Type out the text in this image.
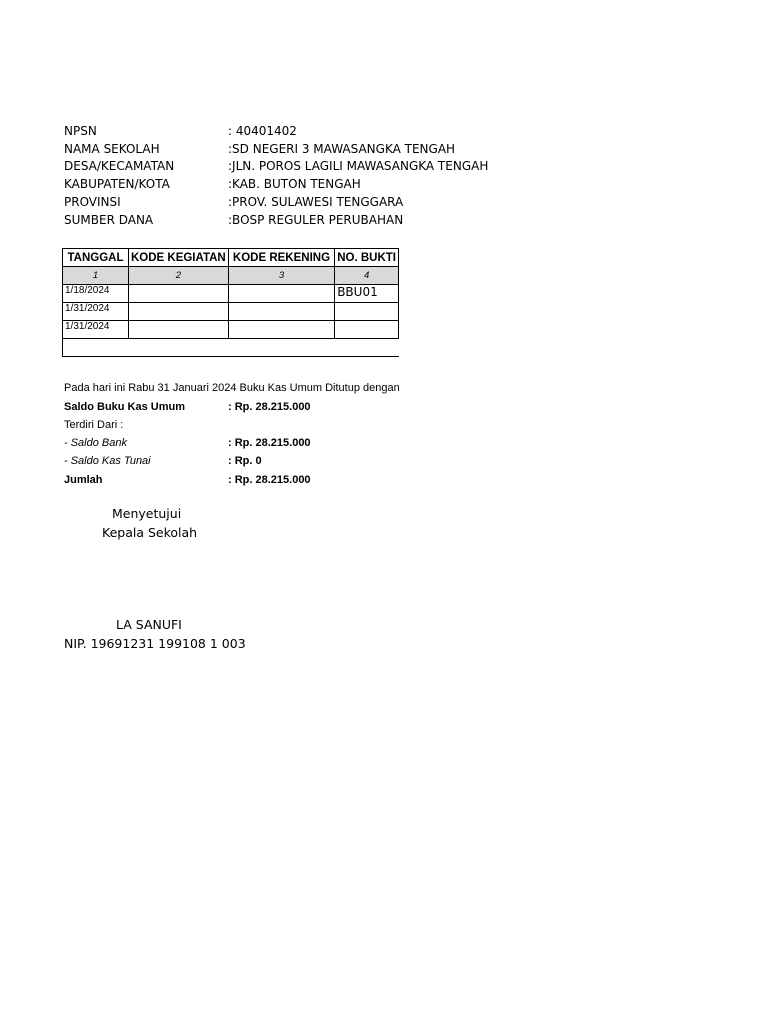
NPSN	: 40401402
NAMA SEKOLAH	:SD NEGERI 3 MAWASANGKA TENGAH
DESA/KECAMATAN	:JLN. POROS LAGILI MAWASANGKA TENGAH
KABUPATEN/KOTA	:KAB. BUTON TENGAH
PROVINSI	:PROV. SULAWESI TENGGARA
SUMBER DANA	:BOSP REGULER PERUBAHAN
TANGGAL	KODE KEGIATAN	KODE REKENING	NO. BUKTI
1	2	3	4
1/18/2024			BBU01
1/31/2024			
1/31/2024			

Pada hari ini Rabu 31 Januari 2024 Buku Kas Umum Ditutup dengan
Saldo Buku Kas Umum	: Rp. 28.215.000
Terdiri Dari :
- Saldo Bank	: Rp. 28.215.000
- Saldo Kas Tunai	: Rp. 0
Jumlah	: Rp. 28.215.000
Menyetujui
Kepala Sekolah
LA SANUFI
NIP. 19691231 199108 1 003
